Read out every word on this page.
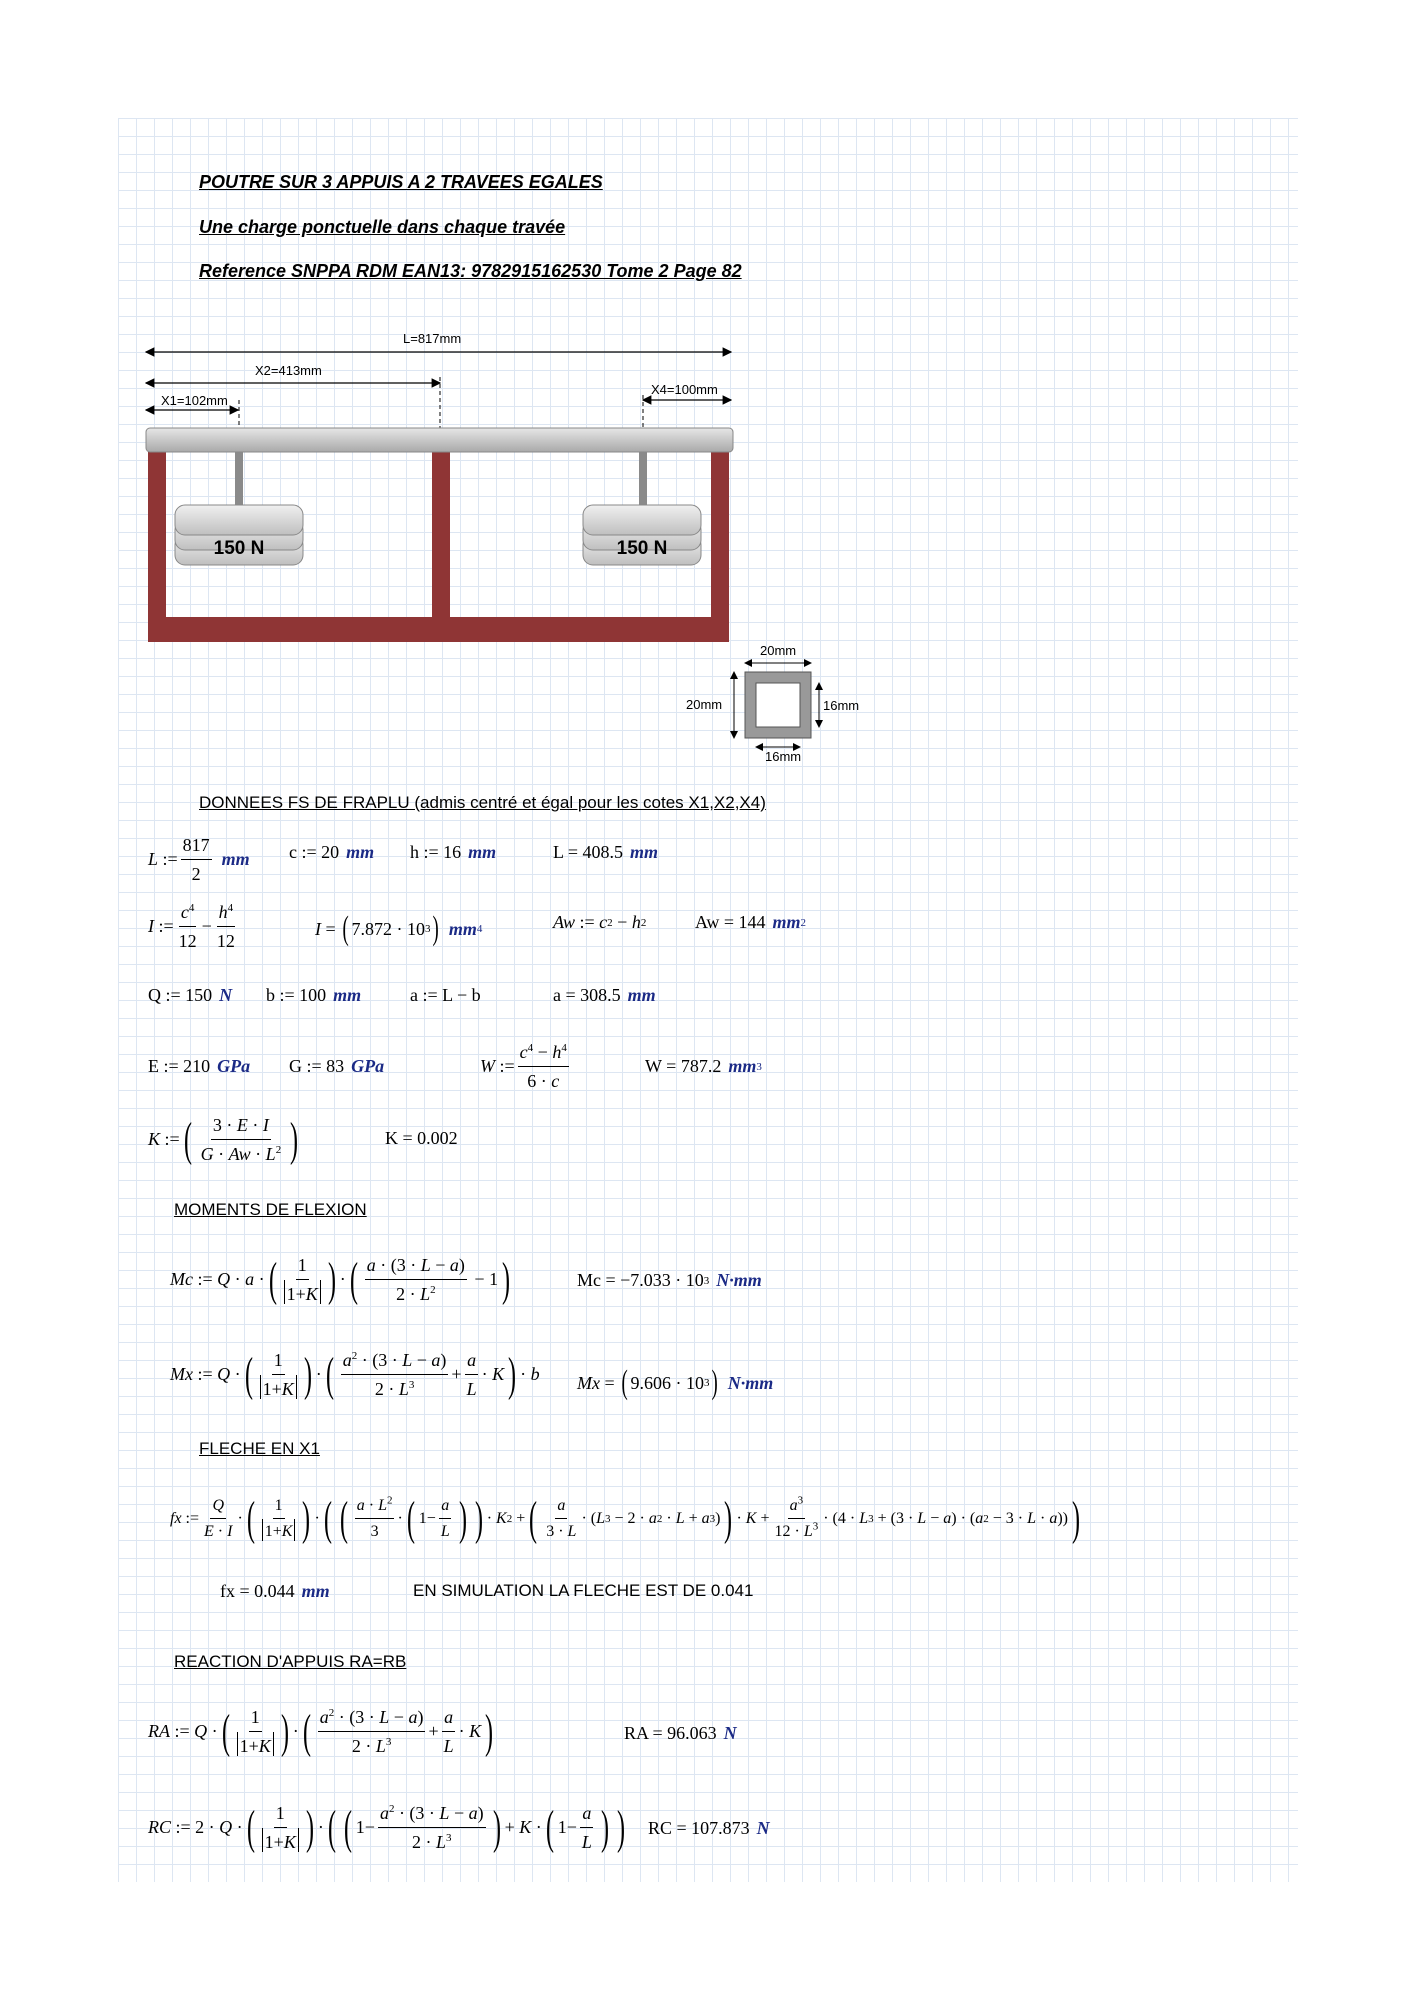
POUTRE SUR 3 APPUIS A 2 TRAVEES EGALES
Une charge ponctuelle dans chaque travée
Reference SNPPA RDM EAN13: 9782915162530 Tome 2 Page 82
L=817mm
X2=413mm
X1=102mm
X4=100mm
150 N	150 N
20mm
20mm	16mm
16mm
DONNEES FS DE FRAPLU (admis centré et égal pour les cotes X1,X2,X4)
L :=
817
2
mm c := 20 mm h := 16 mm	L = 408.5 mm
I :=
$c^4$
12
−
$h^4$
12
I = ( 7.872 · 10 3 ) mm 4	Aw := c 2 − h 2	Aw = 144 mm 2
Q := 150 N b := 100 mm	a := L − b	a = 308.5 mm
E := 210 GPa G := 83 GPa	W :=
$c^4 - h^4$
6 · c
W = 787.2 mm 3
K := ( 3 · E · I
$G \cdot Aw \cdot L^2$ )	K = 0.002
MOMENTS DE FLEXION
Mc := Q · a · ( 1
1+K ) · ( a · (3 · L − a)
$2 \cdot L^2$
− 1 )	Mc = −7.033 · 10 3 N·mm
Mx := Q · ( 1
1+K ) · ( $a^2 \cdot (3 \cdot L - a)$
$2 \cdot L^3$
+
a
L
· K ) · b Mx = ( 9.606 · 10 3 ) N·mm
FLECHE EN X1
fx :=
Q
E · I
· ( 1
1+K ) · ( ( $a \cdot L^2$
3
· ( 1−
a
L ) ) · K 2 + ( a
3 · L
· ( L 3 − 2 · a 2 · L + a 3 ) ) · K +
$a^3$
$12 \cdot L^3 \cdot (4 \cdot L$ 3 + (3 · L − a ) · ( a 2 − 3 · L · a )) )
fx = 0.044 mm	EN SIMULATION LA FLECHE EST DE 0.041
REACTION D'APPUIS RA=RB
RA := Q · ( 1
1+K ) · ( $a^2 \cdot (3 \cdot L - a)$
$2 \cdot L^3$
+
a
L
· K )	RA = 96.063 N
RC := 2 · Q · ( 1
1+K ) · ( ( 1−
$a^2 \cdot (3 \cdot L - a)$
$2 \cdot L^3$ ) + K · ( 1−
a
L ) ) RC = 107.873 N
